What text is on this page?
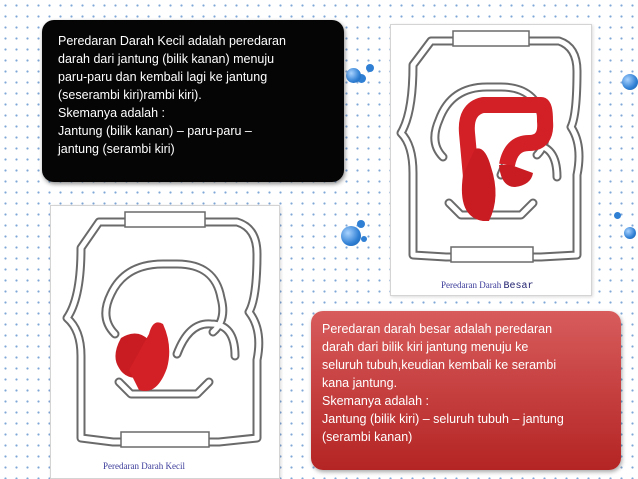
Peredaran Darah Besar
Peredaran Darah Kecil

Peredaran Darah Kecil adalah peredaran

darah dari jantung (bilik kanan) menuju

paru-paru dan kembali lagi ke jantung

(seserambi kiri)rambi kiri).

Skemanya adalah :

Jantung (bilik kanan) – paru-paru –

jantung (serambi kiri)

Peredaran darah besar adalah peredaran

darah dari bilik kiri jantung menuju ke

seluruh tubuh,keudian kembali ke serambi

kana jantung.

Skemanya adalah :

Jantung (bilik kiri) – seluruh tubuh – jantung

(serambi kanan)
